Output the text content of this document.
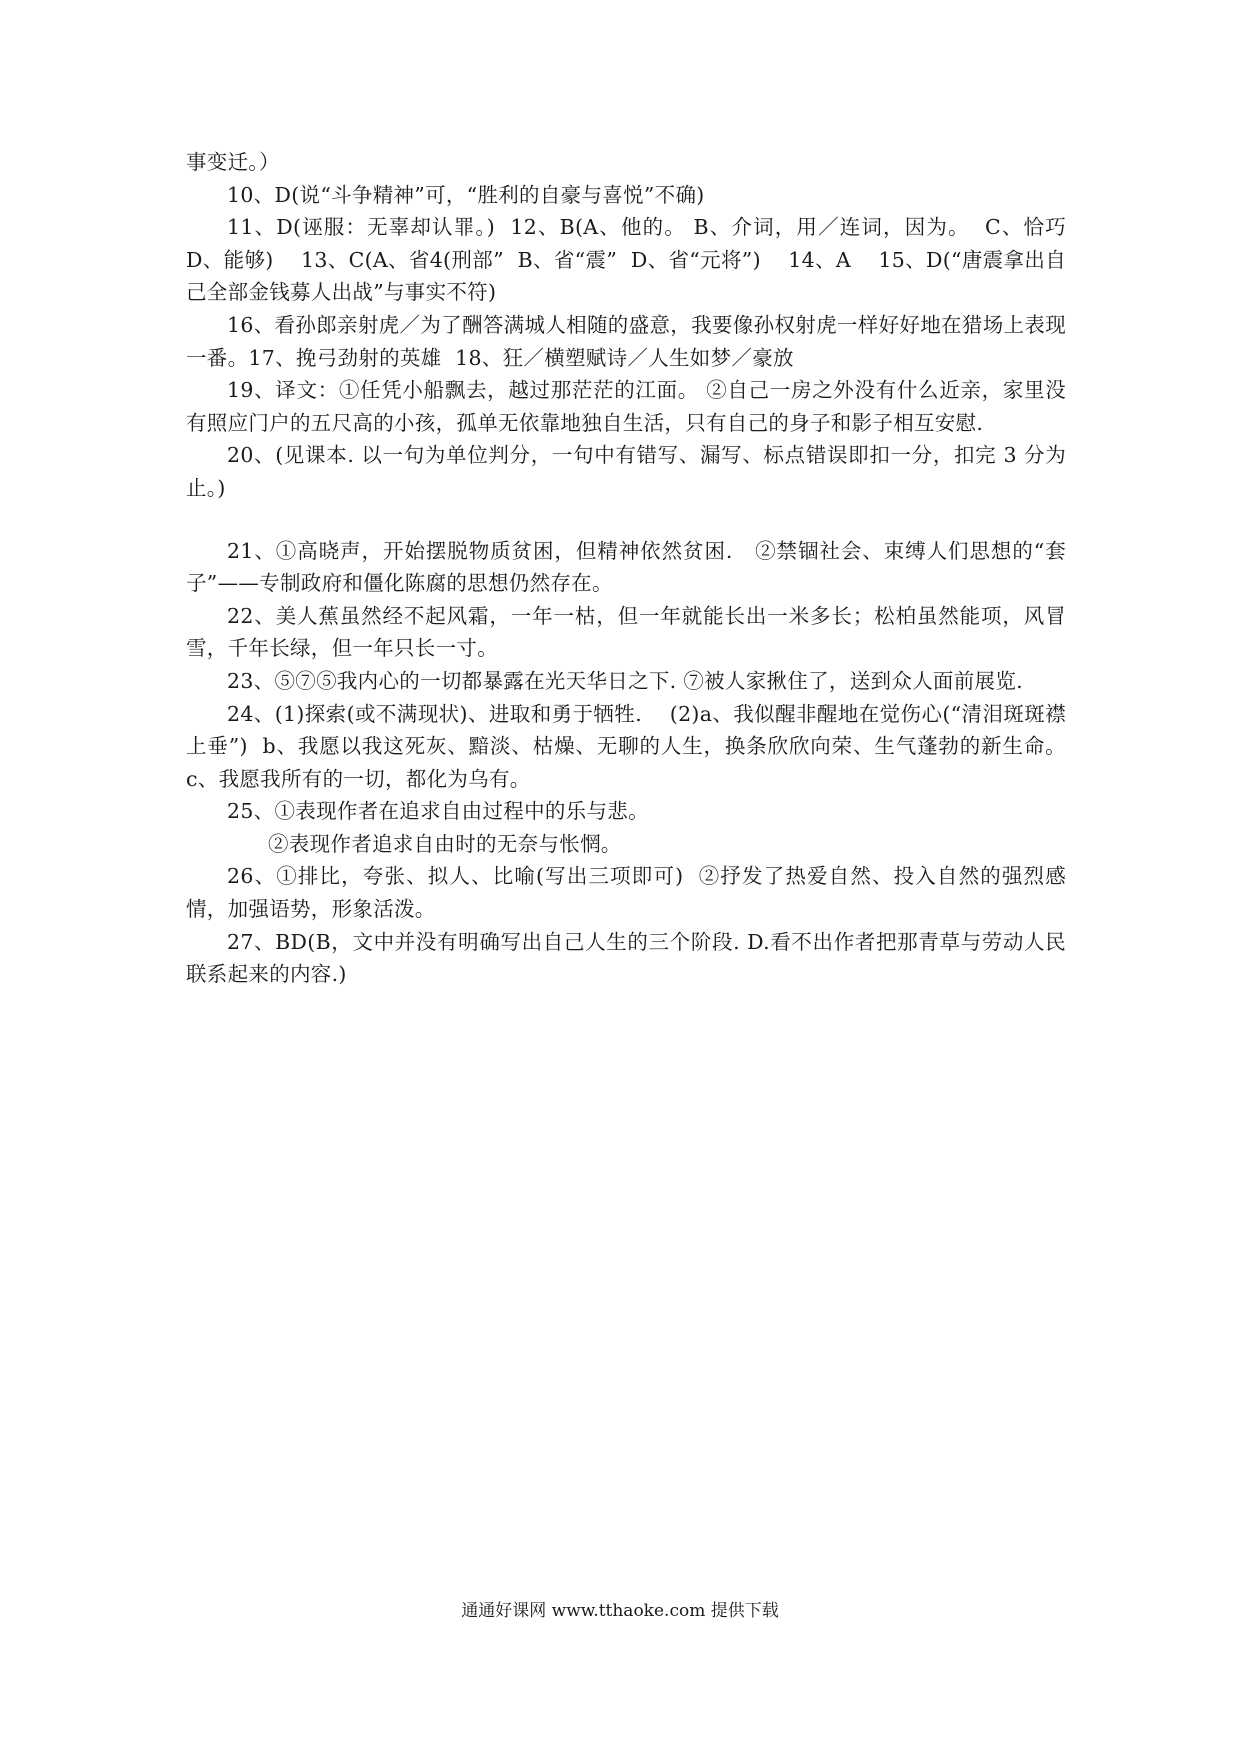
事变迁。）

10、D(说“斗争精神”可，“胜利的自豪与喜悦”不确)

11、D(诬服：无辜却认罪。)  12、B(A、他的。 B、介词，用／连词，因为。  C、恰巧 D、能够)    13、C(A、省4(刑部”  B、省“震”  D、省“元将”)    14、A    15、D(“唐震拿出自己全部金钱募人出战”与事实不符)

16、看孙郎亲射虎／为了酬答满城人相随的盛意，我要像孙权射虎一样好好地在猎场上表现一番。17、挽弓劲射的英雄  18、狂／横塑赋诗／人生如梦／豪放

19、译文：①任凭小船飘去，越过那茫茫的江面。 ②自己一房之外没有什么近亲，家里没有照应门户的五尺高的小孩，孤单无依靠地独自生活，只有自己的身子和影子相互安慰.

20、(见课本. 以一句为单位判分，一句中有错写、漏写、标点错误即扣一分，扣完 3 分为止。)

21、①高晓声，开始摆脱物质贫困，但精神依然贫困.   ②禁锢社会、束缚人们思想的“套子”——专制政府和僵化陈腐的思想仍然存在。

22、美人蕉虽然经不起风霜，一年一枯，但一年就能长出一米多长；松柏虽然能项，风冒雪，千年长绿，但一年只长一寸。

23、⑤⑦⑤我内心的一切都暴露在光天华日之下. ⑦被人家揪住了，送到众人面前展览.

24、(1)探索(或不满现状)、进取和勇于牺牲.    (2)a、我似醒非醒地在觉伤心(“清泪斑斑襟上垂”)  b、我愿以我这死灰、黯淡、枯燥、无聊的人生，换条欣欣向荣、生气蓬勃的新生命。    c、我愿我所有的一切，都化为乌有。

25、①表现作者在追求自由过程中的乐与悲。

②表现作者追求自由时的无奈与怅惘。

26、①排比，夸张、拟人、比喻(写出三项即可)  ②抒发了热爱自然、投入自然的强烈感情，加强语势，形象活泼。

27、BD(B，文中并没有明确写出自己人生的三个阶段. D.看不出作者把那青草与劳动人民联系起来的内容.)

通通好课网 www.tthaoke.com 提供下载
